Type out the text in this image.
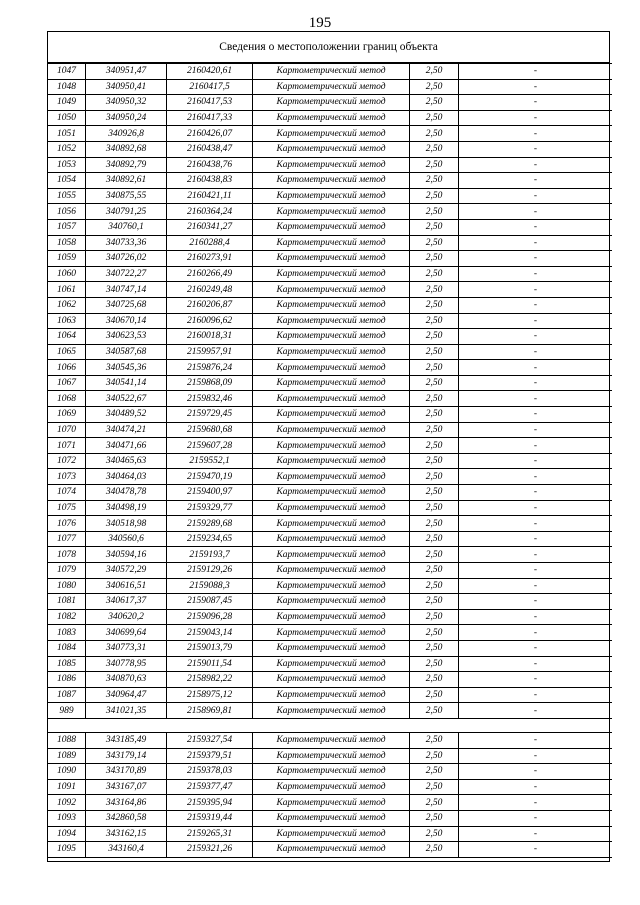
195
Сведения о местоположении границ объекта
1047	340951,47	2160420,61	Картометрический метод	2,50	-
1048	340950,41	2160417,5	Картометрический метод	2,50	-
1049	340950,32	2160417,53	Картометрический метод	2,50	-
1050	340950,24	2160417,33	Картометрический метод	2,50	-
1051	340926,8	2160426,07	Картометрический метод	2,50	-
1052	340892,68	2160438,47	Картометрический метод	2,50	-
1053	340892,79	2160438,76	Картометрический метод	2,50	-
1054	340892,61	2160438,83	Картометрический метод	2,50	-
1055	340875,55	2160421,11	Картометрический метод	2,50	-
1056	340791,25	2160364,24	Картометрический метод	2,50	-
1057	340760,1	2160341,27	Картометрический метод	2,50	-
1058	340733,36	2160288,4	Картометрический метод	2,50	-
1059	340726,02	2160273,91	Картометрический метод	2,50	-
1060	340722,27	2160266,49	Картометрический метод	2,50	-
1061	340747,14	2160249,48	Картометрический метод	2,50	-
1062	340725,68	2160206,87	Картометрический метод	2,50	-
1063	340670,14	2160096,62	Картометрический метод	2,50	-
1064	340623,53	2160018,31	Картометрический метод	2,50	-
1065	340587,68	2159957,91	Картометрический метод	2,50	-
1066	340545,36	2159876,24	Картометрический метод	2,50	-
1067	340541,14	2159868,09	Картометрический метод	2,50	-
1068	340522,67	2159832,46	Картометрический метод	2,50	-
1069	340489,52	2159729,45	Картометрический метод	2,50	-
1070	340474,21	2159680,68	Картометрический метод	2,50	-
1071	340471,66	2159607,28	Картометрический метод	2,50	-
1072	340465,63	2159552,1	Картометрический метод	2,50	-
1073	340464,03	2159470,19	Картометрический метод	2,50	-
1074	340478,78	2159400,97	Картометрический метод	2,50	-
1075	340498,19	2159329,77	Картометрический метод	2,50	-
1076	340518,98	2159289,68	Картометрический метод	2,50	-
1077	340560,6	2159234,65	Картометрический метод	2,50	-
1078	340594,16	2159193,7	Картометрический метод	2,50	-
1079	340572,29	2159129,26	Картометрический метод	2,50	-
1080	340616,51	2159088,3	Картометрический метод	2,50	-
1081	340617,37	2159087,45	Картометрический метод	2,50	-
1082	340620,2	2159096,28	Картометрический метод	2,50	-
1083	340699,64	2159043,14	Картометрический метод	2,50	-
1084	340773,31	2159013,79	Картометрический метод	2,50	-
1085	340778,95	2159011,54	Картометрический метод	2,50	-
1086	340870,63	2158982,22	Картометрический метод	2,50	-
1087	340964,47	2158975,12	Картометрический метод	2,50	-
989	341021,35	2158969,81	Картометрический метод	2,50	-

1088	343185,49	2159327,54	Картометрический метод	2,50	-
1089	343179,14	2159379,51	Картометрический метод	2,50	-
1090	343170,89	2159378,03	Картометрический метод	2,50	-
1091	343167,07	2159377,47	Картометрический метод	2,50	-
1092	343164,86	2159395,94	Картометрический метод	2,50	-
1093	342860,58	2159319,44	Картометрический метод	2,50	-
1094	343162,15	2159265,31	Картометрический метод	2,50	-
1095	343160,4	2159321,26	Картометрический метод	2,50	-
